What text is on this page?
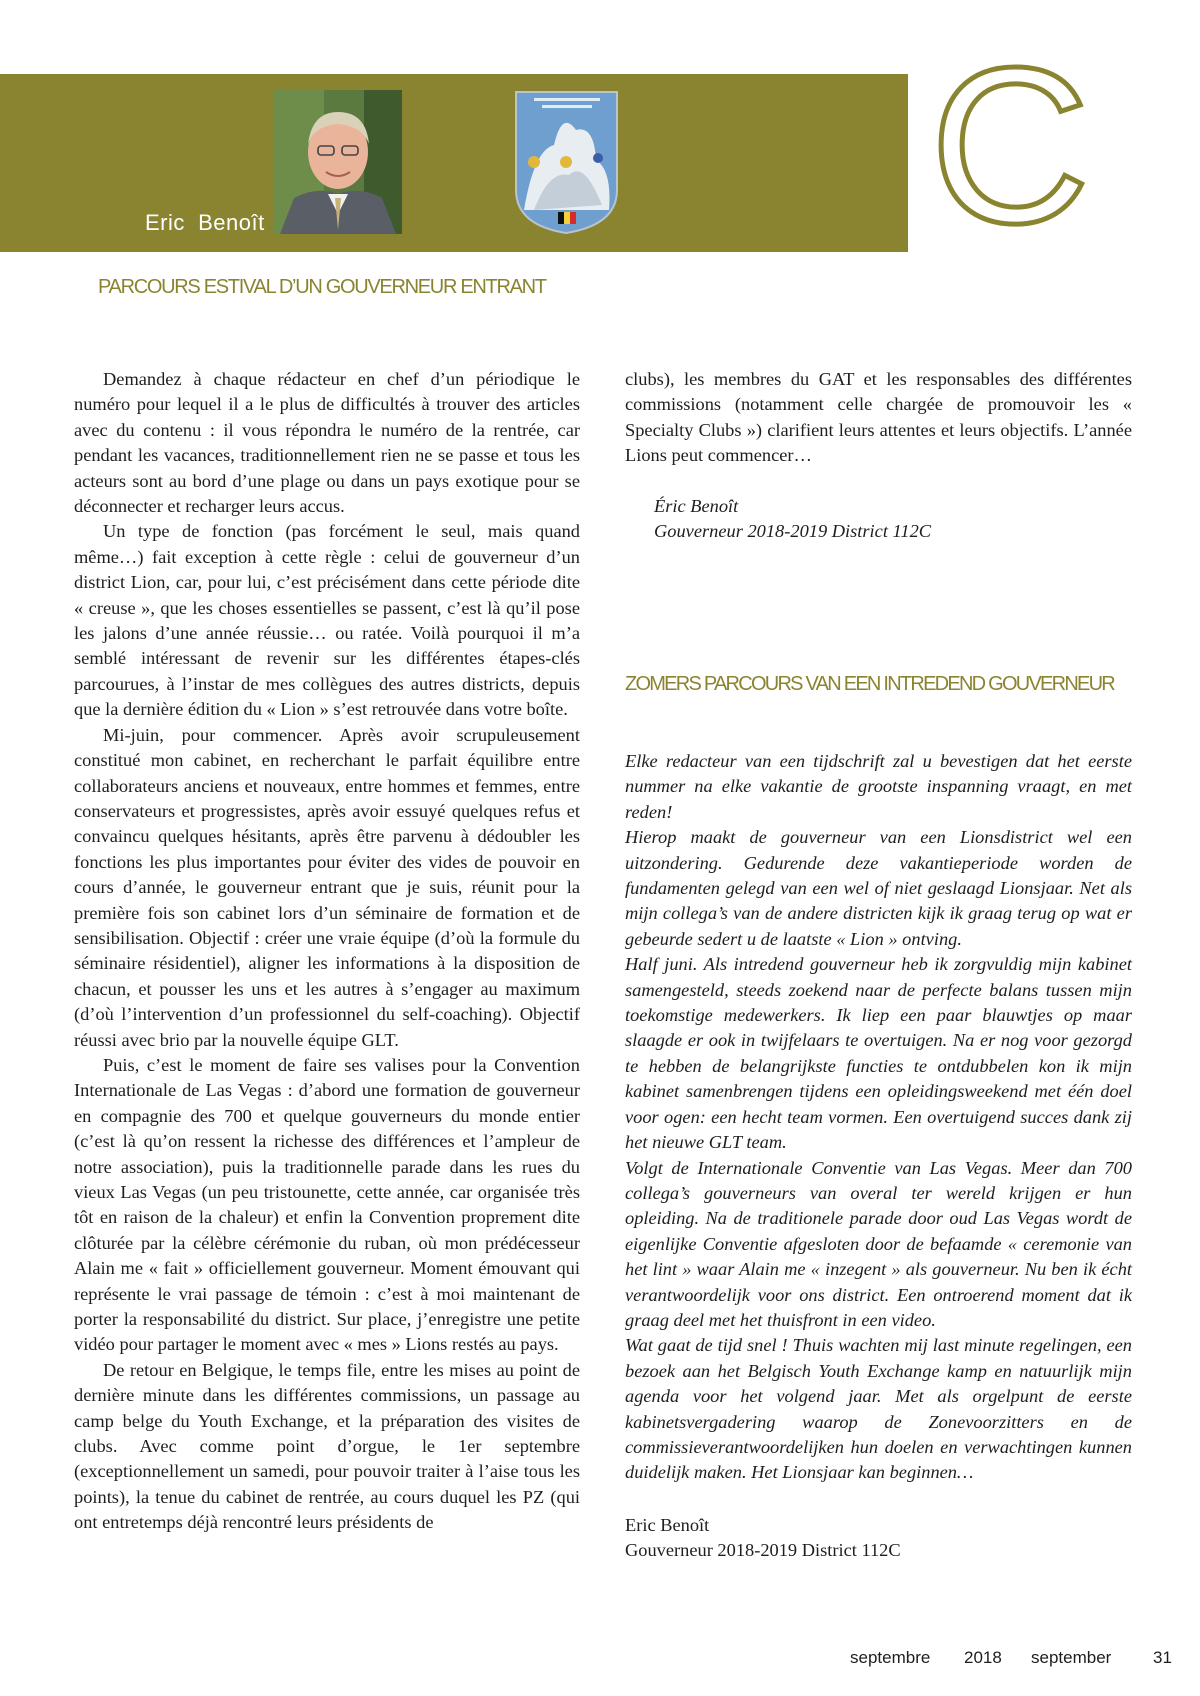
Eric  Benoît	C
PARCOURS ESTIVAL D’UN GOUVERNEUR ENTRANT

Demandez à chaque rédacteur en chef d’un périodique le numéro pour lequel il a le plus de difficultés à trouver des articles avec du contenu : il vous répondra le numéro de la rentrée, car pendant les vacances, traditionnellement rien ne se passe et tous les acteurs sont au bord d’une plage ou dans un pays exotique pour se déconnecter et recharger leurs accus.

Un type de fonction (pas forcément le seul, mais quand même…) fait exception à cette règle : celui de gouverneur d’un district Lion, car, pour lui, c’est précisément dans cette période dite « creuse », que les choses essentielles se passent, c’est là qu’il pose les jalons d’une année réussie… ou ratée. Voilà pourquoi il m’a semblé intéressant de revenir sur les différentes étapes-clés parcourues, à l’instar de mes collègues des autres districts, depuis que la dernière édition du « Lion » s’est retrouvée dans votre boîte.

Mi-juin, pour commencer. Après avoir scrupuleusement constitué mon cabinet, en recherchant le parfait équilibre entre collaborateurs anciens et nouveaux, entre hommes et femmes, entre conservateurs et progressistes, après avoir essuyé quelques refus et convaincu quelques hésitants, après être parvenu à dédoubler les fonctions les plus importantes pour éviter des vides de pouvoir en cours d’année, le gouverneur entrant que je suis, réunit pour la première fois son cabinet lors d’un séminaire de formation et de sensibilisation. Objectif : créer une vraie équipe (d’où la formule du séminaire résidentiel), aligner les informations à la disposition de chacun, et pousser les uns et les autres à s’engager au maximum (d’où l’intervention d’un professionnel du self-coaching). Objectif réussi avec brio par la nouvelle équipe GLT.

Puis, c’est le moment de faire ses valises pour la Convention Internationale de Las Vegas : d’abord une formation de gouverneur en compagnie des 700 et quelque gouverneurs du monde entier (c’est là qu’on ressent la richesse des différences et l’ampleur de notre association), puis la traditionnelle parade dans les rues du vieux Las Vegas (un peu tristounette, cette année, car organisée très tôt en raison de la chaleur) et enfin la Convention proprement dite clôturée par la célèbre cérémonie du ruban, où mon prédécesseur Alain me « fait » officiellement gouverneur. Moment émouvant qui représente le vrai passage de témoin : c’est à moi maintenant de porter la responsabilité du district. Sur place, j’enregistre une petite vidéo pour partager le moment avec « mes » Lions restés au pays.

De retour en Belgique, le temps file, entre les mises au point de dernière minute dans les différentes commissions, un passage au camp belge du Youth Exchange, et la préparation des visites de clubs. Avec comme point d’orgue, le 1er septembre (exceptionnellement un samedi, pour pouvoir traiter à l’aise tous les points), la tenue du cabinet de rentrée, au cours duquel les PZ (qui ont entretemps déjà rencontré leurs présidents de

clubs), les membres du GAT et les responsables des différentes commissions (notamment celle chargée de promouvoir les « Specialty Clubs ») clarifient leurs attentes et leurs objectifs. L’année Lions peut commencer…

Éric Benoît
Gouverneur 2018-2019 District 112C
ZOMERS PARCOURS VAN EEN INTREDEND GOUVERNEUR

Elke redacteur van een tijdschrift zal u bevestigen dat het eerste nummer na elke vakantie de grootste inspanning vraagt, en met reden!

Hierop maakt de gouverneur van een Lionsdistrict wel een uitzondering. Gedurende deze vakantieperiode worden de fundamenten gelegd van een wel of niet geslaagd Lionsjaar. Net als mijn collega’s van de andere districten kijk ik graag terug op wat er gebeurde sedert u de laatste « Lion » ontving.

Half juni. Als intredend gouverneur heb ik zorgvuldig mijn kabinet samengesteld, steeds zoekend naar de perfecte balans tussen mijn toekomstige medewerkers. Ik liep een paar blauwtjes op maar slaagde er ook in twijfelaars te overtuigen. Na er nog voor gezorgd te hebben de belangrijkste functies te ontdubbelen kon ik mijn kabinet samenbrengen tijdens een opleidingsweekend met één doel voor ogen: een hecht team vormen. Een overtuigend succes dank zij het nieuwe GLT team.

Volgt de Internationale Conventie van Las Vegas. Meer dan 700 collega’s gouverneurs van overal ter wereld krijgen er hun opleiding. Na de traditionele parade door oud Las Vegas wordt de eigenlijke Conventie afgesloten door de befaamde « ceremonie van het lint » waar Alain me « inzegent » als gouverneur. Nu ben ik écht verantwoordelijk voor ons district. Een ontroerend moment dat ik graag deel met het thuisfront in een video.

Wat gaat de tijd snel ! Thuis wachten mij last minute regelingen, een bezoek aan het Belgisch Youth Exchange kamp en natuurlijk mijn agenda voor het volgend jaar. Met als orgelpunt de eerste kabinetsvergadering waarop de Zonevoorzitters en de commissieverantwoordelijken hun doelen en verwachtingen kunnen duidelijk maken. Het Lionsjaar kan beginnen…

Eric Benoît
Gouverneur 2018-2019 District 112C
septembre 2018 september 31
